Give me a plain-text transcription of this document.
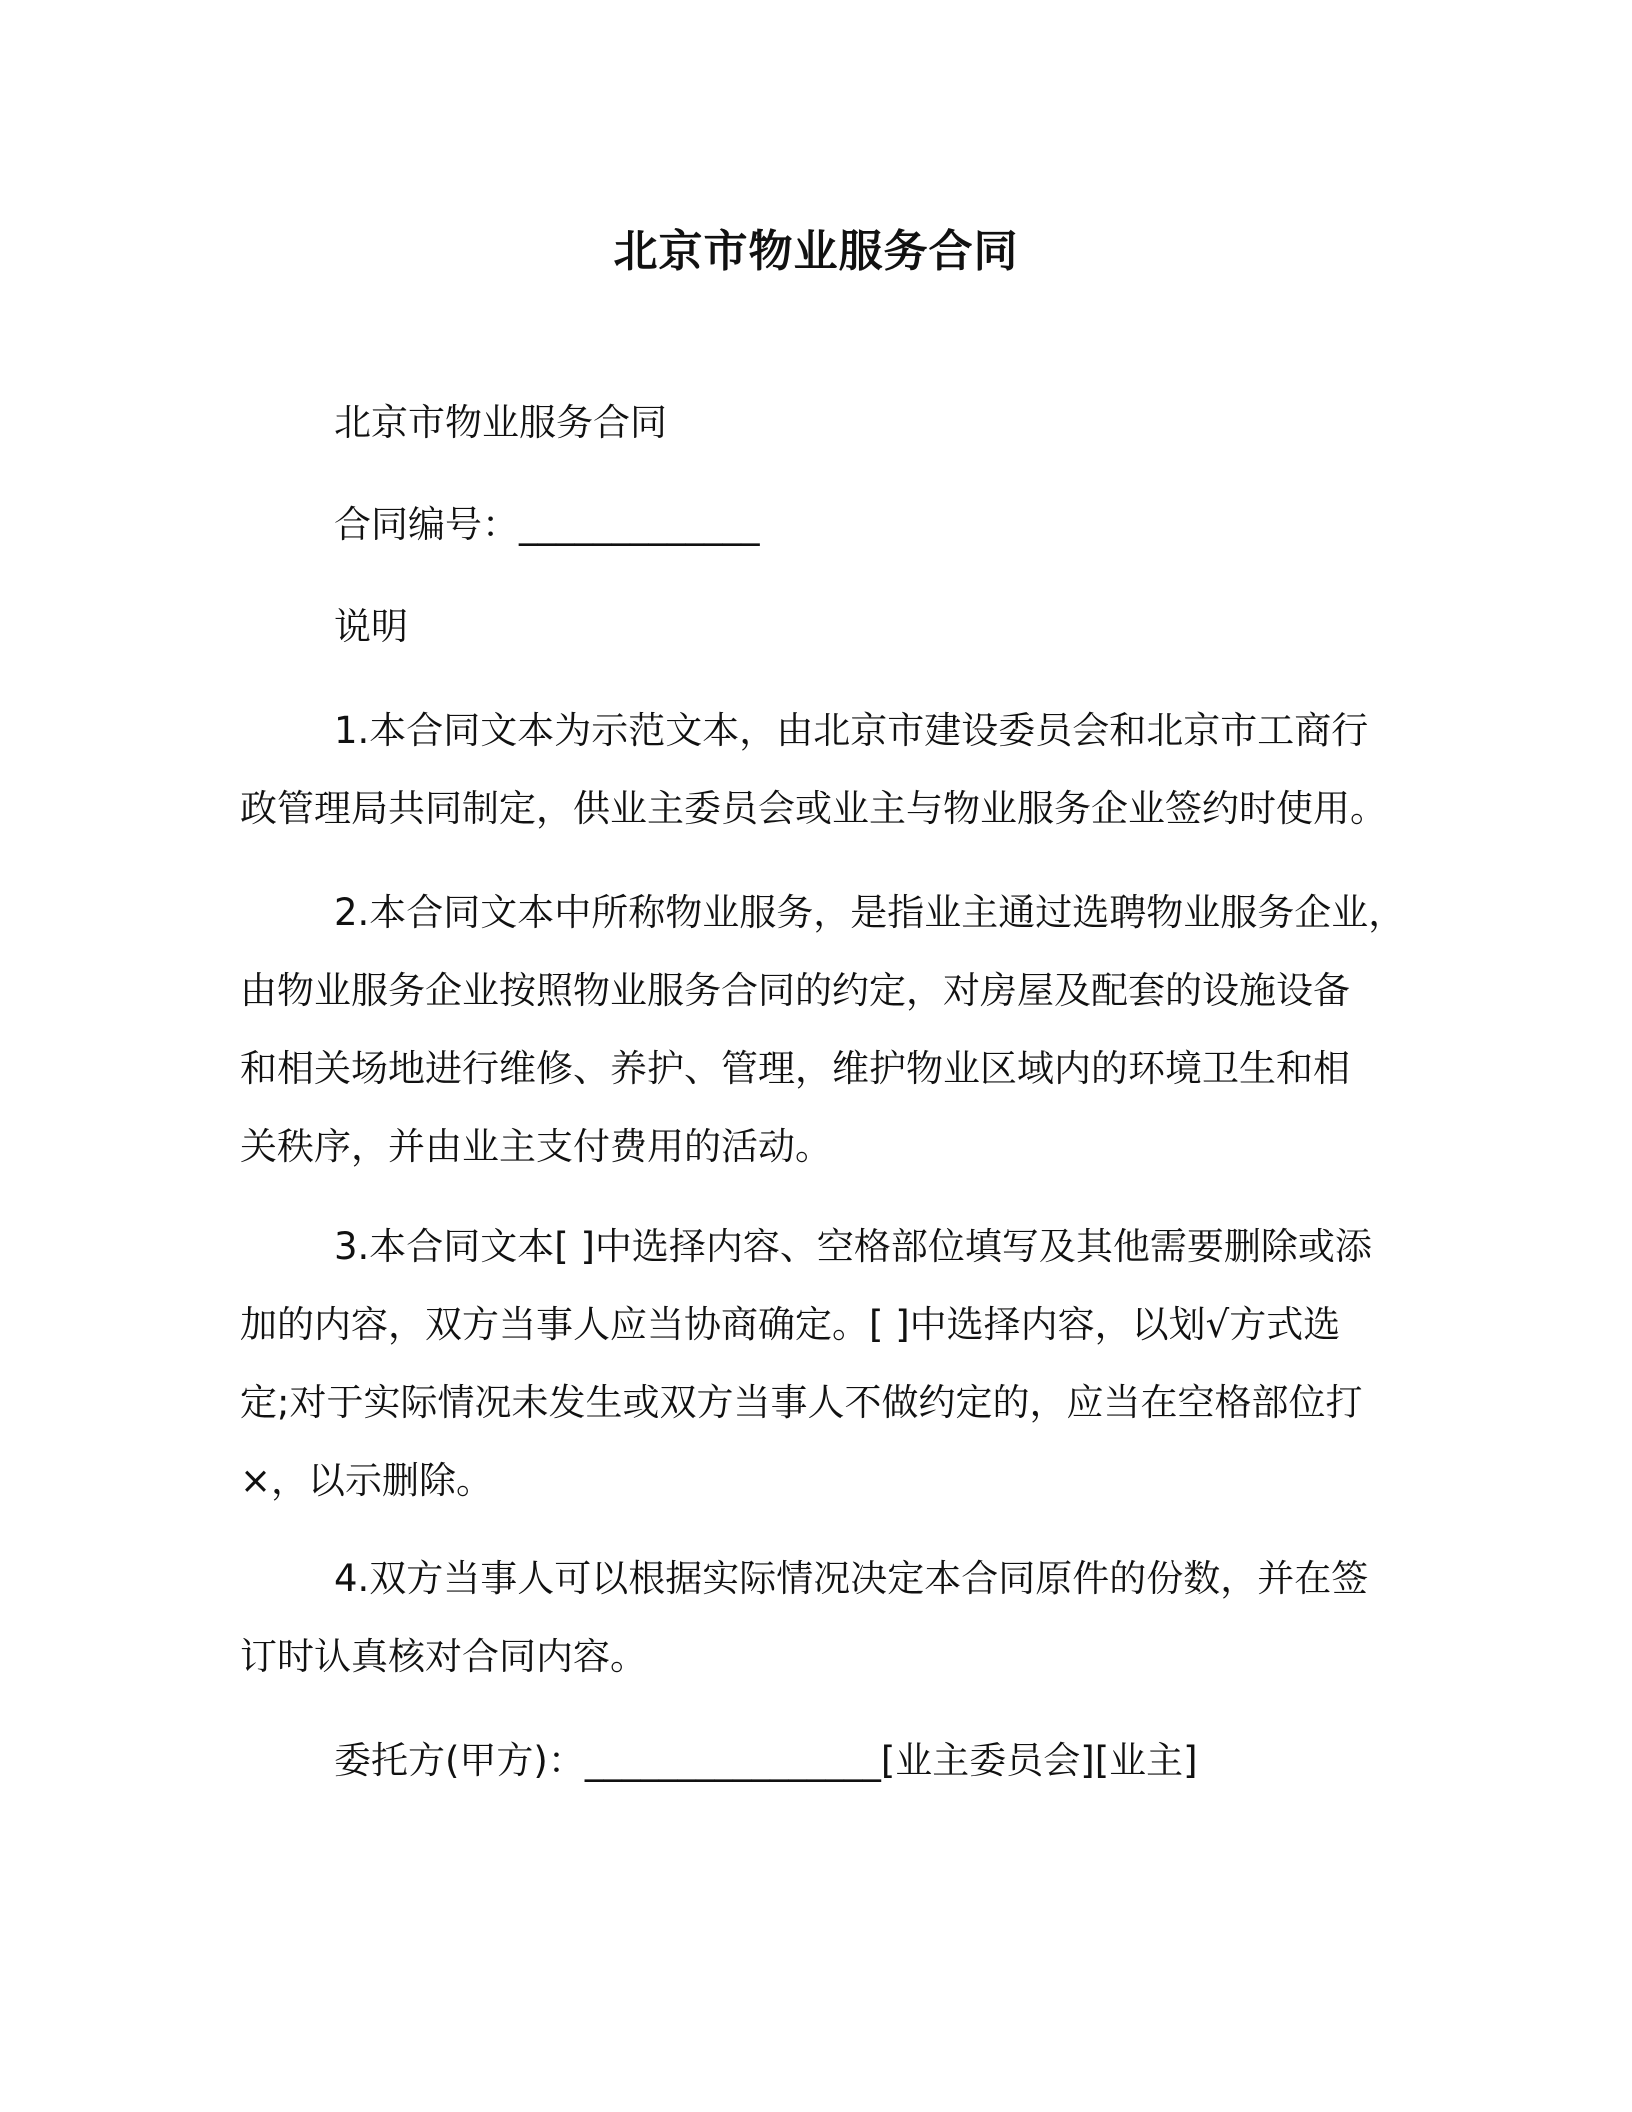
北京市物业服务合同
北京市物业服务合同
合同编号：_____________
说明
1.本合同文本为示范文本，由北京市建设委员会和北京市工商行
政管理局共同制定，供业主委员会或业主与物业服务企业签约时使用。
2.本合同文本中所称物业服务，是指业主通过选聘物业服务企业，
由物业服务企业按照物业服务合同的约定，对房屋及配套的设施设备
和相关场地进行维修、养护、管理，维护物业区域内的环境卫生和相
关秩序，并由业主支付费用的活动。
3.本合同文本[ ]中选择内容、空格部位填写及其他需要删除或添
加的内容，双方当事人应当协商确定。[ ]中选择内容，以划√方式选
定;对于实际情况未发生或双方当事人不做约定的，应当在空格部位打
×，以示删除。
4.双方当事人可以根据实际情况决定本合同原件的份数，并在签
订时认真核对合同内容。
委托方(甲方)：________________[业主委员会][业主]
